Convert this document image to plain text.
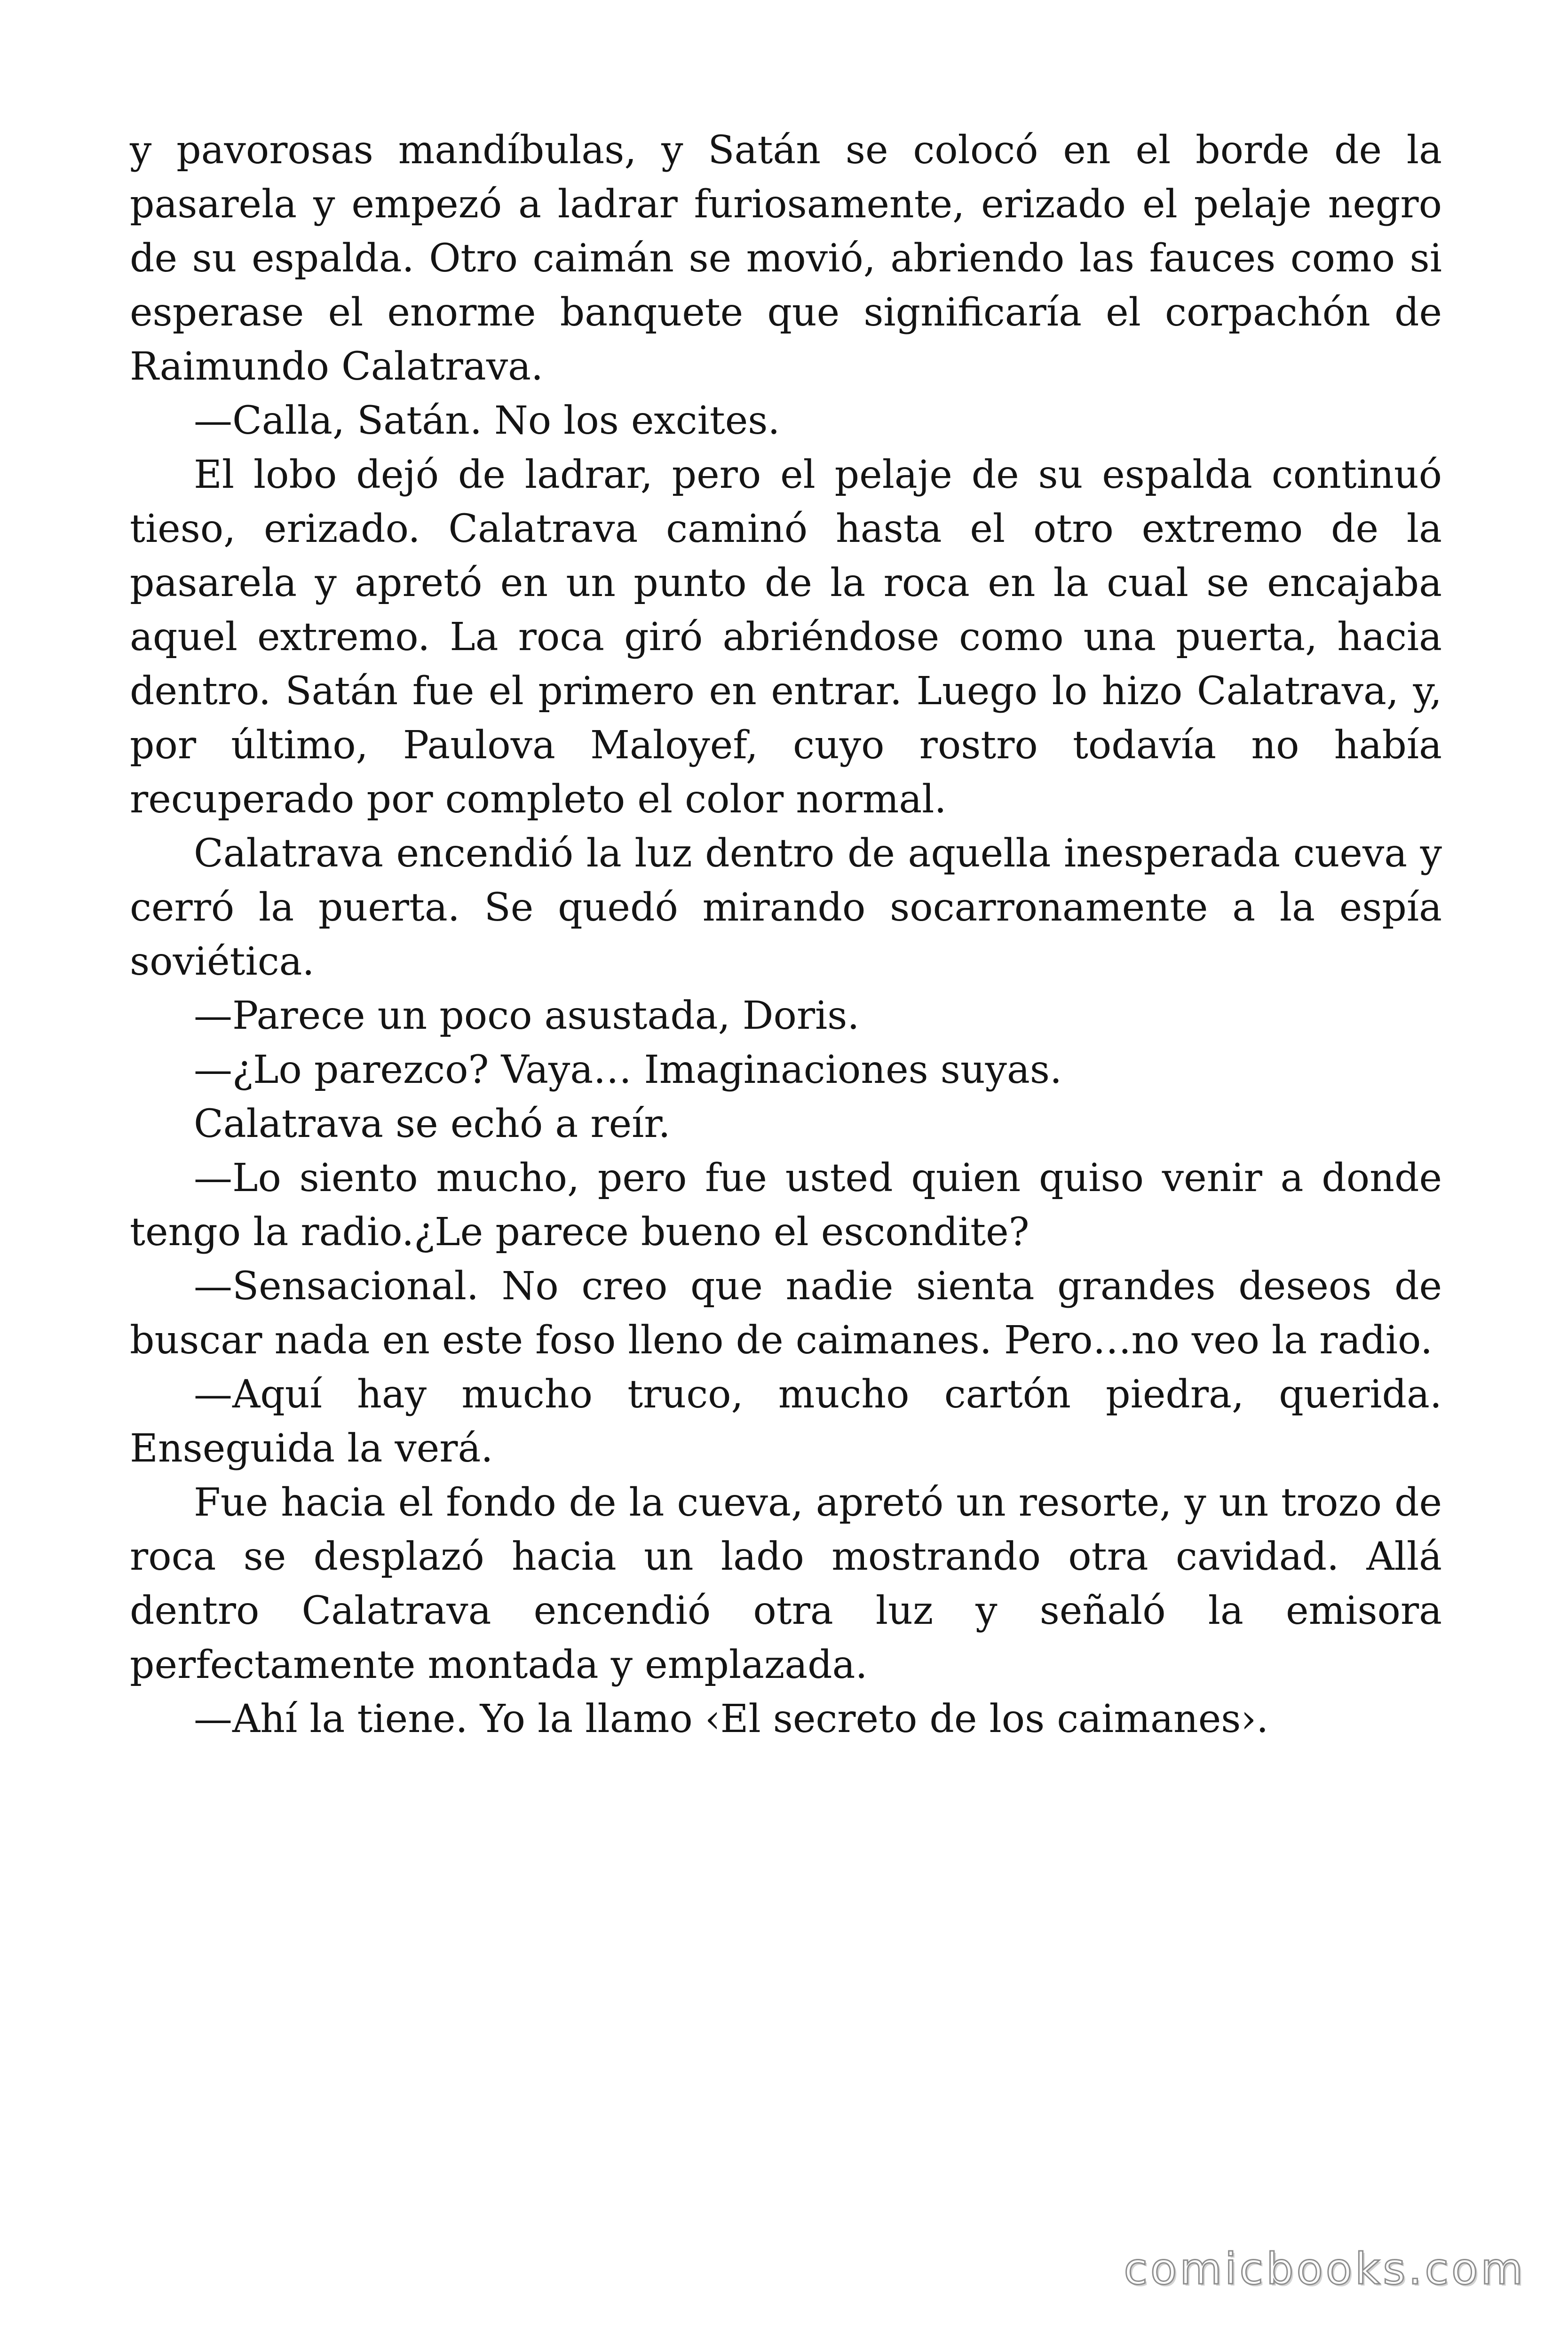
y pavorosas mandíbulas, y Satán se colocó en el borde de la pasarela y empezó a ladrar furiosamente, erizado el pelaje negro de su espalda. Otro caimán se movió, abriendo las fauces como si esperase el enorme banquete que significaría el corpachón de Raimundo Calatrava.

—Calla, Satán. No los excites.

El lobo dejó de ladrar, pero el pelaje de su espalda continuó tieso, erizado. Calatrava caminó hasta el otro extremo de la pasarela y apretó en un punto de la roca en la cual se encajaba aquel extremo. La roca giró abriéndose como una puerta, hacia dentro. Satán fue el primero en entrar. Luego lo hizo Calatrava, y, por último, Paulova Maloyef, cuyo rostro todavía no había recuperado por completo el color normal.

Calatrava encendió la luz dentro de aquella inesperada cueva y cerró la puerta. Se quedó mirando socarronamente a la espía soviética.

—Parece un poco asustada, Doris.

—¿Lo parezco? Vaya… Imaginaciones suyas.

Calatrava se echó a reír.

—Lo siento mucho, pero fue usted quien quiso venir a donde tengo la radio.¿Le parece bueno el escondite?

—Sensacional. No creo que nadie sienta grandes deseos de buscar nada en este foso lleno de caimanes. Pero…no veo la radio.

—Aquí hay mucho truco, mucho cartón piedra, querida. Enseguida la verá.

Fue hacia el fondo de la cueva, apretó un resorte, y un trozo de roca se desplazó hacia un lado mostrando otra cavidad. Allá dentro Calatrava encendió otra luz y señaló la emisora perfectamente montada y emplazada.

—Ahí la tiene. Yo la llamo ‹El secreto de los caimanes›.

comicbooks.com
